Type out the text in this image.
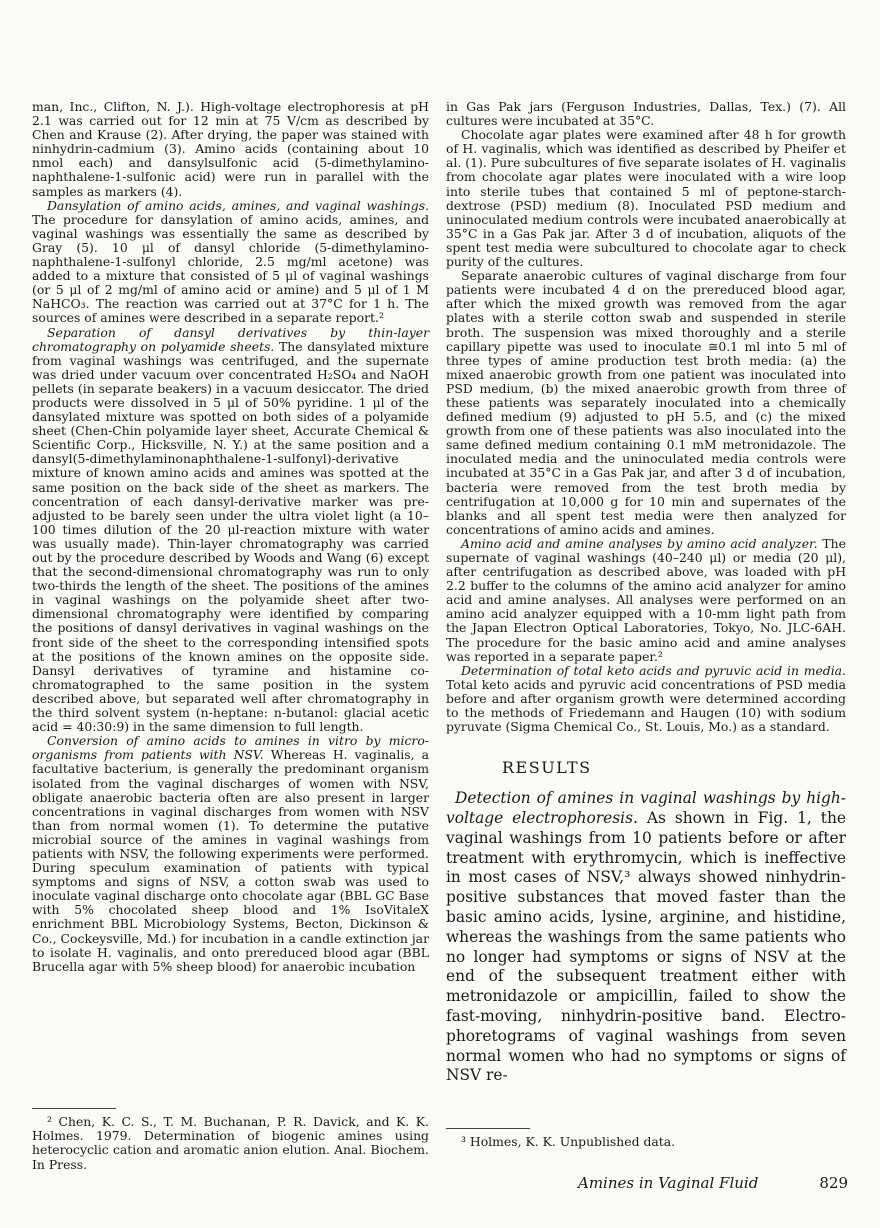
man, Inc., Clifton, N. J.). High-voltage electrophoresis at pH 2.1 was carried out for 12 min at 75 V/cm as described by Chen and Krause (2). After drying, the paper was stained with ninhydrin-cadmium (3). Amino acids (containing about 10 nmol each) and dansylsulfonic acid (5-dimethylamino-naphthalene-1-sulfonic acid) were run in parallel with the samples as markers (4).

Dansylation of amino acids, amines, and vaginal washings. The procedure for dansylation of amino acids, amines, and vaginal washings was essentially the same as described by Gray (5). 10 μl of dansyl chloride (5-dimethylamino-naphthalene-1-sulfonyl chloride, 2.5 mg/ml acetone) was added to a mixture that consisted of 5 μl of vaginal washings (or 5 μl of 2 mg/ml of amino acid or amine) and 5 μl of 1 M NaHCO₃. The reaction was carried out at 37°C for 1 h. The sources of amines were described in a separate report.²

Separation of dansyl derivatives by thin-layer chromatography on polyamide sheets. The dansylated mixture from vaginal washings was centrifuged, and the supernate was dried under vacuum over concentrated H₂SO₄ and NaOH pellets (in separate beakers) in a vacuum desiccator. The dried products were dissolved in 5 μl of 50% pyridine. 1 μl of the dansylated mixture was spotted on both sides of a polyamide sheet (Chen-Chin polyamide layer sheet, Accurate Chemical & Scientific Corp., Hicksville, N. Y.) at the same position and a dansyl(5-dimethylaminonaphthalene-1-sulfonyl)-derivative mixture of known amino acids and amines was spotted at the same position on the back side of the sheet as markers. The concentration of each dansyl-derivative marker was pre-adjusted to be barely seen under the ultra violet light (a 10–100 times dilution of the 20 μl-reaction mixture with water was usually made). Thin-layer chromatography was carried out by the procedure described by Woods and Wang (6) except that the second-dimensional chromatography was run to only two-thirds the length of the sheet. The positions of the amines in vaginal washings on the polyamide sheet after two-dimensional chromatography were identified by comparing the positions of dansyl derivatives in vaginal washings on the front side of the sheet to the corresponding intensified spots at the positions of the known amines on the opposite side. Dansyl derivatives of tyramine and histamine co-chromatographed to the same position in the system described above, but separated well after chromatography in the third solvent system (n-heptane: n-butanol: glacial acetic acid = 40:30:9) in the same dimension to full length.

Conversion of amino acids to amines in vitro by micro-organisms from patients with NSV. Whereas H. vaginalis, a facultative bacterium, is generally the predominant organism isolated from the vaginal discharges of women with NSV, obligate anaerobic bacteria often are also present in larger concentrations in vaginal discharges from women with NSV than from normal women (1). To determine the putative microbial source of the amines in vaginal washings from patients with NSV, the following experiments were performed. During speculum examination of patients with typical symptoms and signs of NSV, a cotton swab was used to inoculate vaginal discharge onto chocolate agar (BBL GC Base with 5% chocolated sheep blood and 1% IsoVitaleX enrichment BBL Microbiology Systems, Becton, Dickinson & Co., Cockeysville, Md.) for incubation in a candle extinction jar to isolate H. vaginalis, and onto prereduced blood agar (BBL Brucella agar with 5% sheep blood) for anaerobic incubation

in Gas Pak jars (Ferguson Industries, Dallas, Tex.) (7). All cultures were incubated at 35°C.

Chocolate agar plates were examined after 48 h for growth of H. vaginalis, which was identified as described by Pheifer et al. (1). Pure subcultures of five separate isolates of H. vaginalis from chocolate agar plates were inoculated with a wire loop into sterile tubes that contained 5 ml of peptone-starch-dextrose (PSD) medium (8). Inoculated PSD medium and uninoculated medium controls were incubated anaerobically at 35°C in a Gas Pak jar. After 3 d of incubation, aliquots of the spent test media were subcultured to chocolate agar to check purity of the cultures.

Separate anaerobic cultures of vaginal discharge from four patients were incubated 4 d on the prereduced blood agar, after which the mixed growth was removed from the agar plates with a sterile cotton swab and suspended in sterile broth. The suspension was mixed thoroughly and a sterile capillary pipette was used to inoculate ≅0.1 ml into 5 ml of three types of amine production test broth media: (a) the mixed anaerobic growth from one patient was inoculated into PSD medium, (b) the mixed anaerobic growth from three of these patients was separately inoculated into a chemically defined medium (9) adjusted to pH 5.5, and (c) the mixed growth from one of these patients was also inoculated into the same defined medium containing 0.1 mM metronidazole. The inoculated media and the uninoculated media controls were incubated at 35°C in a Gas Pak jar, and after 3 d of incubation, bacteria were removed from the test broth media by centrifugation at 10,000 g for 10 min and supernates of the blanks and all spent test media were then analyzed for concentrations of amino acids and amines.

Amino acid and amine analyses by amino acid analyzer. The supernate of vaginal washings (40–240 μl) or media (20 μl), after centrifugation as described above, was loaded with pH 2.2 buffer to the columns of the amino acid analyzer for amino acid and amine analyses. All analyses were performed on an amino acid analyzer equipped with a 10-mm light path from the Japan Electron Optical Laboratories, Tokyo, No. JLC-6AH. The procedure for the basic amino acid and amine analyses was reported in a separate paper.²

Determination of total keto acids and pyruvic acid in media. Total keto acids and pyruvic acid concentrations of PSD media before and after organism growth were determined according to the methods of Friedemann and Haugen (10) with sodium pyruvate (Sigma Chemical Co., St. Louis, Mo.) as a standard.

RESULTS

Detection of amines in vaginal washings by high-voltage electrophoresis. As shown in Fig. 1, the vaginal washings from 10 patients before or after treatment with erythromycin, which is ineffective in most cases of NSV,³ always showed ninhydrin-positive substances that moved faster than the basic amino acids, lysine, arginine, and histidine, whereas the washings from the same patients who no longer had symptoms or signs of NSV at the end of the subsequent treatment either with metronidazole or ampicillin, failed to show the fast-moving, ninhydrin-positive band. Electro-phoretograms of vaginal washings from seven normal women who had no symptoms or signs of NSV re-

² Chen, K. C. S., T. M. Buchanan, P. R. Davick, and K. K. Holmes. 1979. Determination of biogenic amines using heterocyclic cation and aromatic anion elution. Anal. Biochem. In Press.

³ Holmes, K. K. Unpublished data.

Amines in Vaginal Fluid	829
